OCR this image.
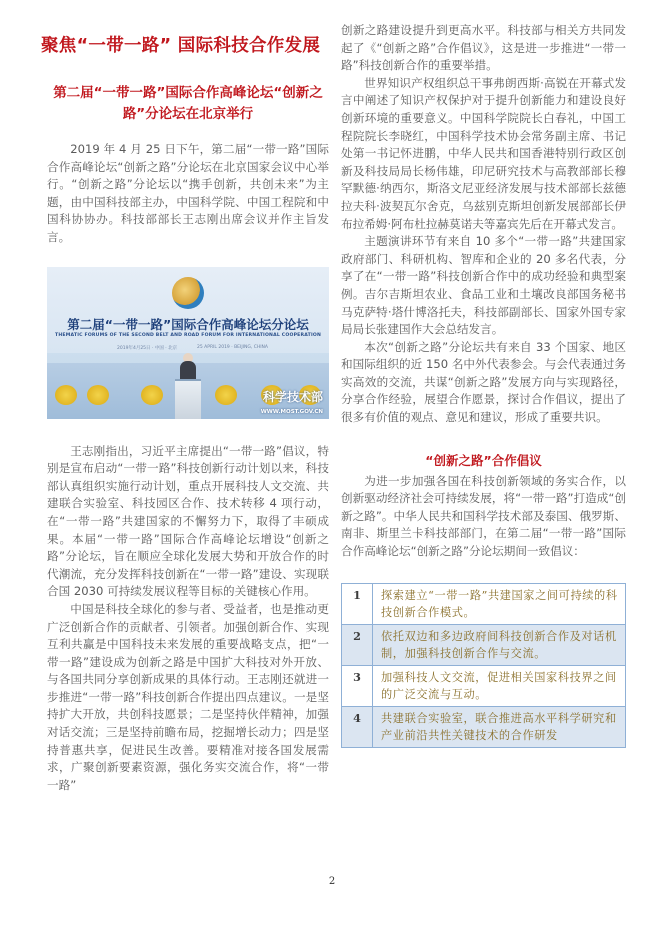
聚焦“一带一路” 国际科技合作发展
第二届“一带一路”国际合作高峰论坛“创新之路”分论坛在北京举行

2019 年 4 月 25 日下午，第二届“一带一路”国际合作高峰论坛“创新之路”分论坛在北京国家会议中心举行。“创新之路”分论坛以“携手创新，共创未来”为主题，由中国科技部主办，中国科学院、中国工程院和中国科协协办。科技部部长王志刚出席会议并作主旨发言。

第二届“一带一路”国际合作高峰论坛分论坛
THEMATIC FORUMS OF THE SECOND BELT AND ROAD FORUM FOR INTERNATIONAL COOPERATION
2019年4月25日 · 中国 · 北京	25 APRIL 2019 · BEIJING, CHINA
科学技术部
WWW.MOST.GOV.CN

王志刚指出，习近平主席提出“一带一路”倡议，特别是宣布启动“一带一路”科技创新行动计划以来，科技部认真组织实施行动计划，重点开展科技人文交流、共建联合实验室、科技园区合作、技术转移 4 项行动，在“一带一路”共建国家的不懈努力下，取得了丰硕成果。本届“一带一路”国际合作高峰论坛增设“创新之路”分论坛，旨在顺应全球化发展大势和开放合作的时代潮流，充分发挥科技创新在“一带一路”建设、实现联合国 2030 可持续发展议程等目标的关键核心作用。

中国是科技全球化的参与者、受益者，也是推动更广泛创新合作的贡献者、引领者。加强创新合作、实现互利共赢是中国科技未来发展的重要战略支点，把“一带一路”建设成为创新之路是中国扩大科技对外开放、与各国共同分享创新成果的具体行动。王志刚还就进一步推进“一带一路”科技创新合作提出四点建议。一是坚持扩大开放，共创科技愿景；二是坚持伙伴精神，加强对话交流；三是坚持前瞻布局，挖掘增长动力；四是坚持普惠共享，促进民生改善。要精准对接各国发展需求，广聚创新要素资源，强化务实交流合作，将“一带一路”

创新之路建设提升到更高水平。科技部与相关方共同发起了《“创新之路”合作倡议》，这是进一步推进“一带一路”科技创新合作的重要举措。

世界知识产权组织总干事弗朗西斯·高锐在开幕式发言中阐述了知识产权保护对于提升创新能力和建设良好创新环境的重要意义。中国科学院院长白春礼，中国工程院院长李晓红，中国科学技术协会常务副主席、书记处第一书记怀进鹏，中华人民共和国香港特别行政区创新及科技局局长杨伟雄，印尼研究技术与高教部部长穆罕默德·纳西尔，斯洛文尼亚经济发展与技术部部长兹德拉夫科·波契瓦尔舍克，乌兹别克斯坦创新发展部部长伊布拉希姆·阿布杜拉赫莫诺夫等嘉宾先后在开幕式发言。

主题演讲环节有来自 10 多个“一带一路”共建国家政府部门、科研机构、智库和企业的 20 多名代表，分享了在“一带一路”科技创新合作中的成功经验和典型案例。吉尔吉斯坦农业、食品工业和土壤改良部国务秘书马克萨特·塔什博洛托夫，科技部副部长、国家外国专家局局长张建国作大会总结发言。

本次“创新之路”分论坛共有来自 33 个国家、地区和国际组织的近 150 名中外代表参会。与会代表通过务实高效的交流，共谋“创新之路”发展方向与实现路径，分享合作经验，展望合作愿景，探讨合作倡议，提出了很多有价值的观点、意见和建议，形成了重要共识。

“创新之路”合作倡议

为进一步加强各国在科技创新领域的务实合作，以创新驱动经济社会可持续发展，将“一带一路”打造成“创新之路”。中华人民共和国科学技术部及泰国、俄罗斯、南非、斯里兰卡科技部部门，在第二届“一带一路”国际合作高峰论坛“创新之路”分论坛期间一致倡议：

1	探索建立“一带一路”共建国家之间可持续的科技创新合作模式。
2	依托双边和多边政府间科技创新合作及对话机制，加强科技创新合作与交流。
3	加强科技人文交流，促进相关国家科技界之间的广泛交流与互动。
4	共建联合实验室，联合推进高水平科学研究和产业前沿共性关键技术的合作研发
2
